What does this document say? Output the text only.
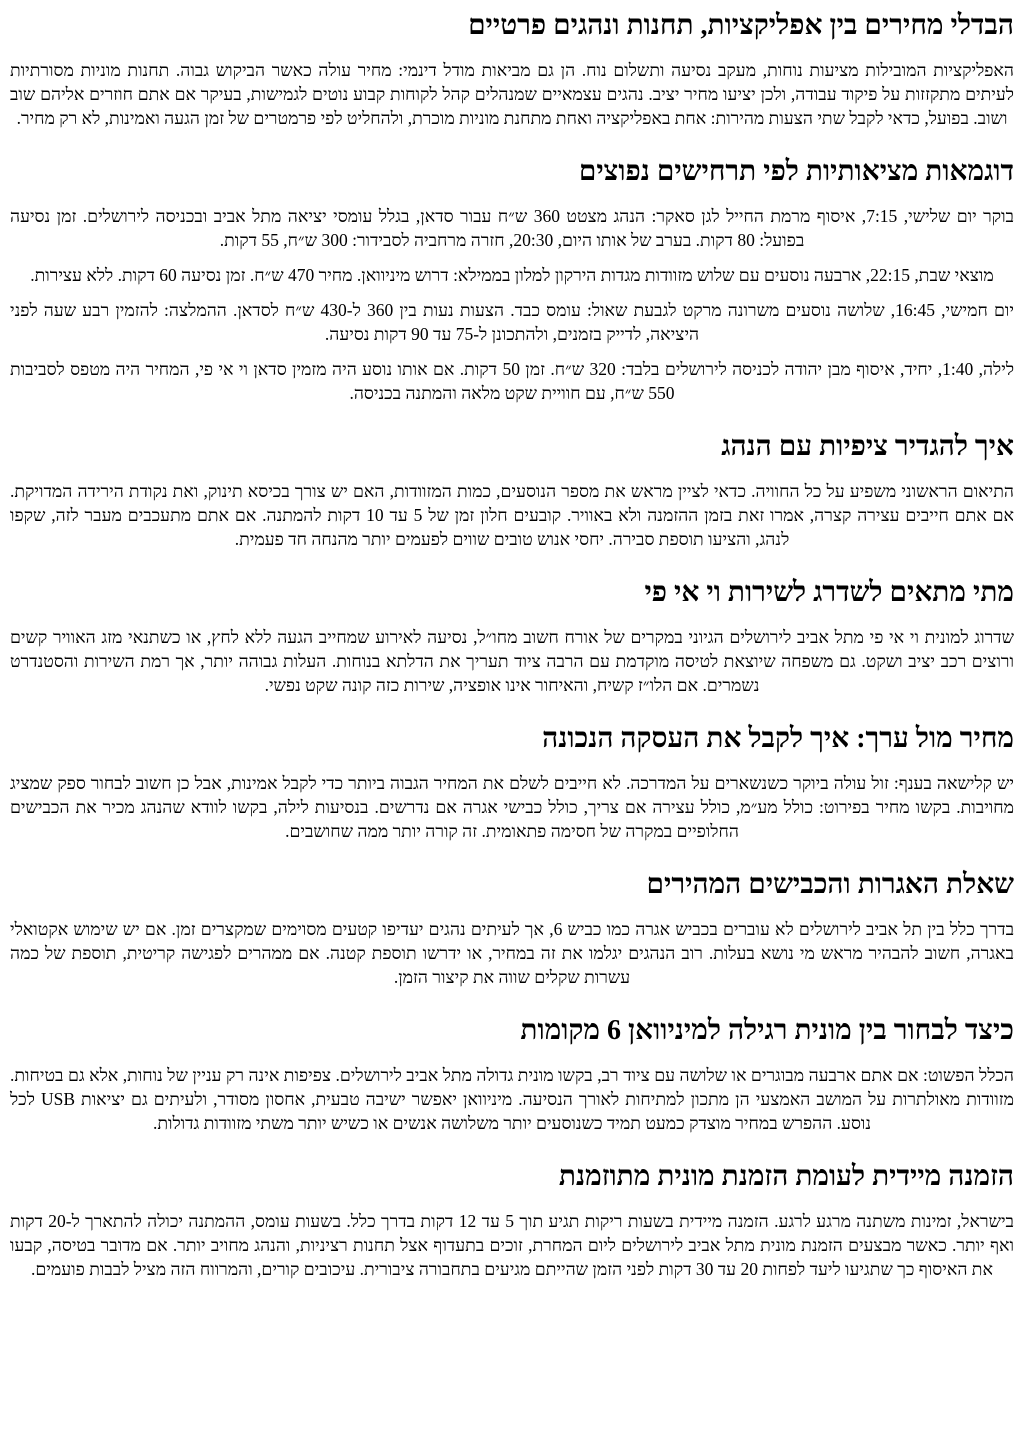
הבדלי מחירים בין אפליקציות, תחנות ונהגים פרטיים

האפליקציות המובילות מציעות נוחות, מעקב נסיעה ותשלום נוח. הן גם מביאות מודל דינמי: מחיר עולה כאשר הביקוש גבוה. תחנות מוניות מסורתיות לעיתים מתקזזות על פיקוד עבודה, ולכן יציעו מחיר יציב. נהגים עצמאיים שמנהלים קהל לקוחות קבוע נוטים לגמישות, בעיקר אם אתם חוזרים אליהם שוב ושוב. בפועל, כדאי לקבל שתי הצעות מהירות: אחת באפליקציה ואחת מתחנת מוניות מוכרת, ולהחליט לפי פרמטרים של זמן הגעה ואמינות, לא רק מחיר.

דוגמאות מציאותיות לפי תרחישים נפוצים

בוקר יום שלישי, 7:15, איסוף מרמת החייל לגן סאקר: הנהג מצטט 360 ש״ח עבור סדאן, בגלל עומסי יציאה מתל אביב ובכניסה לירושלים. זמן נסיעה בפועל: 80 דקות. בערב של אותו היום, 20:30, חזרה מרחביה לסבידור: 300 ש״ח, 55 דקות.

מוצאי שבת, 22:15, ארבעה נוסעים עם שלוש מזוודות מגדות הירקון למלון בממילא: דרוש מיניוואן. מחיר 470 ש״ח. זמן נסיעה 60 דקות. ללא עצירות.

יום חמישי, 16:45, שלושה נוסעים משרונה מרקט לגבעת שאול: עומס כבד. הצעות נעות בין 360 ל-430 ש״ח לסדאן. ההמלצה: להזמין רבע שעה לפני היציאה, לדייק בזמנים, ולהתכונן ל-75 עד 90 דקות נסיעה.

לילה, 1:40, יחיד, איסוף מבן יהודה לכניסה לירושלים בלבד: 320 ש״ח. זמן 50 דקות. אם אותו נוסע היה מזמין סדאן וי אי פי, המחיר היה מטפס לסביבות 550 ש״ח, עם חוויית שקט מלאה והמתנה בכניסה.

איך להגדיר ציפיות עם הנהג

התיאום הראשוני משפיע על כל החוויה. כדאי לציין מראש את מספר הנוסעים, כמות המזוודות, האם יש צורך בכיסא תינוק, ואת נקודת הירידה המדויקת. אם אתם חייבים עצירה קצרה, אמרו זאת בזמן ההזמנה ולא באוויר. קובעים חלון זמן של 5 עד 10 דקות להמתנה. אם אתם מתעכבים מעבר לזה, שקפו לנהג, והציעו תוספת סבירה. יחסי אנוש טובים שווים לפעמים יותר מהנחה חד פעמית.

מתי מתאים לשדרג לשירות וי אי פי

שדרוג למונית וי אי פי מתל אביב לירושלים הגיוני במקרים של אורח חשוב מחו״ל, נסיעה לאירוע שמחייב הגעה ללא לחץ, או כשתנאי מזג האוויר קשים ורוצים רכב יציב ושקט. גם משפחה שיוצאת לטיסה מוקדמת עם הרבה ציוד תעריך את הדלתא בנוחות. העלות גבוהה יותר, אך רמת השירות והסטנדרט נשמרים. אם הלו״ז קשיח, והאיחור אינו אופציה, שירות כזה קונה שקט נפשי.

מחיר מול ערך: איך לקבל את העסקה הנכונה

יש קלישאה בענף: זול עולה ביוקר כשנשארים על המדרכה. לא חייבים לשלם את המחיר הגבוה ביותר כדי לקבל אמינות, אבל כן חשוב לבחור ספק שמציג מחויבות. בקשו מחיר בפירוט: כולל מע״מ, כולל עצירה אם צריך, כולל כבישי אגרה אם נדרשים. בנסיעות לילה, בקשו לוודא שהנהג מכיר את הכבישים החלופיים במקרה של חסימה פתאומית. זה קורה יותר ממה שחושבים.

שאלת האגרות והכבישים המהירים

בדרך כלל בין תל אביב לירושלים לא עוברים בכביש אגרה כמו כביש 6, אך לעיתים נהגים יעדיפו קטעים מסוימים שמקצרים זמן. אם יש שימוש אקטואלי באגרה, חשוב להבהיר מראש מי נושא בעלות. רוב הנהגים יגלמו את זה במחיר, או ידרשו תוספת קטנה. אם ממהרים לפגישה קריטית, תוספת של כמה עשרות שקלים שווה את קיצור הזמן.

כיצד לבחור בין מונית רגילה למיניוואן 6 מקומות

הכלל הפשוט: אם אתם ארבעה מבוגרים או שלושה עם ציוד רב, בקשו מונית גדולה מתל אביב לירושלים. צפיפות אינה רק עניין של נוחות, אלא גם בטיחות. מזוודות מאולתרות על המושב האמצעי הן מתכון למתיחות לאורך הנסיעה. מיניוואן יאפשר ישיבה טבעית, אחסון מסודר, ולעיתים גם יציאות USB לכל נוסע. ההפרש במחיר מוצדק כמעט תמיד כשנוסעים יותר משלושה אנשים או כשיש יותר משתי מזוודות גדולות.

הזמנה מיידית לעומת הזמנת מונית מתוזמנת

בישראל, זמינות משתנה מרגע לרגע. הזמנה מיידית בשעות ריקות תגיע תוך 5 עד 12 דקות בדרך כלל. בשעות עומס, ההמתנה יכולה להתארך ל-20 דקות ואף יותר. כאשר מבצעים הזמנת מונית מתל אביב לירושלים ליום המחרת, זוכים בתעדוף אצל תחנות רציניות, והנהג מחויב יותר. אם מדובר בטיסה, קבעו את האיסוף כך שתגיעו ליעד לפחות 20 עד 30 דקות לפני הזמן שהייתם מגיעים בתחבורה ציבורית. עיכובים קורים, והמרווח הזה מציל לבבות פועמים.
